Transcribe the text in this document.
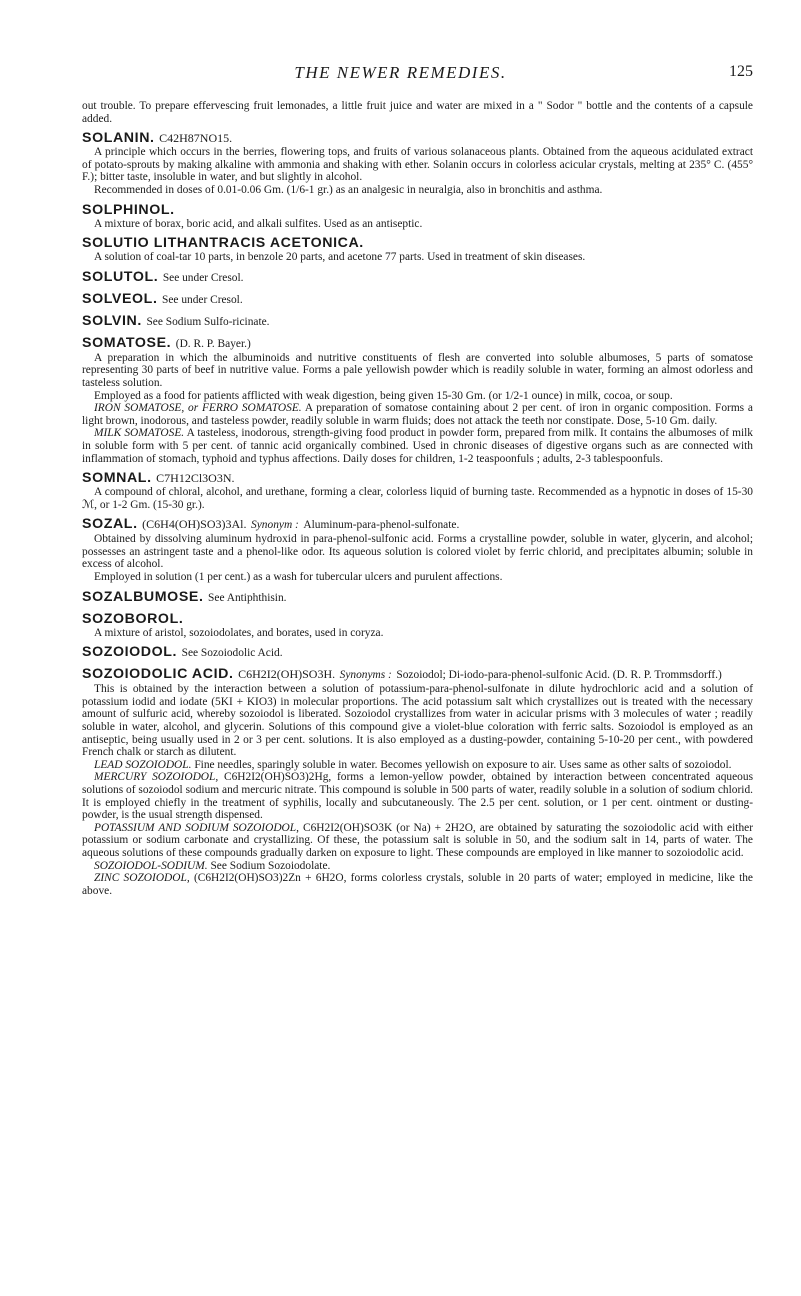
THE NEWER REMEDIES.	125

out trouble. To prepare effervescing fruit lemonades, a little fruit juice and water are mixed in a " Sodor " bottle and the contents of a capsule added.

SOLANIN. C42H87NO15.

A principle which occurs in the berries, flowering tops, and fruits of various solanaceous plants. Obtained from the aqueous acidulated extract of potato-sprouts by making alkaline with ammonia and shaking with ether. Solanin occurs in colorless acicular crystals, melting at 235° C. (455° F.); bitter taste, insoluble in water, and but slightly in alcohol.

Recommended in doses of 0.01-0.06 Gm. (1/6-1 gr.) as an analgesic in neuralgia, also in bronchitis and asthma.

SOLPHINOL.

A mixture of borax, boric acid, and alkali sulfites. Used as an antiseptic.

SOLUTIO LITHANTRACIS ACETONICA.

A solution of coal-tar 10 parts, in benzole 20 parts, and acetone 77 parts. Used in treatment of skin diseases.

SOLUTOL. See under Cresol.
SOLVEOL. See under Cresol.
SOLVIN. See Sodium Sulfo-ricinate.
SOMATOSE. (D. R. P. Bayer.)

A preparation in which the albuminoids and nutritive constituents of flesh are converted into soluble albumoses, 5 parts of somatose representing 30 parts of beef in nutritive value. Forms a pale yellowish powder which is readily soluble in water, forming an almost odorless and tasteless solution.

Employed as a food for patients afflicted with weak digestion, being given 15-30 Gm. (or 1/2-1 ounce) in milk, cocoa, or soup.

IRON SOMATOSE, or FERRO SOMATOSE. A preparation of somatose containing about 2 per cent. of iron in organic composition. Forms a light brown, inodorous, and tasteless powder, readily soluble in warm fluids; does not attack the teeth nor constipate. Dose, 5-10 Gm. daily.

MILK SOMATOSE. A tasteless, inodorous, strength-giving food product in powder form, prepared from milk. It contains the albumoses of milk in soluble form with 5 per cent. of tannic acid organically combined. Used in chronic diseases of digestive organs such as are connected with inflammation of stomach, typhoid and typhus affections. Daily doses for children, 1-2 teaspoonfuls ; adults, 2-3 tablespoonfuls.

SOMNAL. C7H12Cl3O3N.

A compound of chloral, alcohol, and urethane, forming a clear, colorless liquid of burning taste. Recommended as a hypnotic in doses of 15-30 ℳ, or 1-2 Gm. (15-30 gr.).

SOZAL. (C6H4(OH)SO3)3Al. Synonym : Aluminum-para-phenol-sulfonate.

Obtained by dissolving aluminum hydroxid in para-phenol-sulfonic acid. Forms a crystalline powder, soluble in water, glycerin, and alcohol; possesses an astringent taste and a phenol-like odor. Its aqueous solution is colored violet by ferric chlorid, and precipitates albumin; soluble in excess of alcohol.

Employed in solution (1 per cent.) as a wash for tubercular ulcers and purulent affections.

SOZALBUMOSE. See Antiphthisin.
SOZOBOROL.

A mixture of aristol, sozoiodolates, and borates, used in coryza.

SOZOIODOL. See Sozoiodolic Acid.
SOZOIODOLIC ACID. C6H2I2(OH)SO3H. Synonyms : Sozoiodol; Di-iodo-para-phenol-sulfonic Acid. (D. R. P. Trommsdorff.)

This is obtained by the interaction between a solution of potassium-para-phenol-sulfonate in dilute hydrochloric acid and a solution of potassium iodid and iodate (5KI + KIO3) in molecular proportions. The acid potassium salt which crystallizes out is treated with the necessary amount of sulfuric acid, whereby sozoiodol is liberated. Sozoiodol crystallizes from water in acicular prisms with 3 molecules of water ; readily soluble in water, alcohol, and glycerin. Solutions of this compound give a violet-blue coloration with ferric salts. Sozoiodol is employed as an antiseptic, being usually used in 2 or 3 per cent. solutions. It is also employed as a dusting-powder, containing 5-10-20 per cent., with powdered French chalk or starch as dilutent.

LEAD SOZOIODOL. Fine needles, sparingly soluble in water. Becomes yellowish on exposure to air. Uses same as other salts of sozoiodol.

MERCURY SOZOIODOL, C6H2I2(OH)SO3)2Hg, forms a lemon-yellow powder, obtained by interaction between concentrated aqueous solutions of sozoiodol sodium and mercuric nitrate. This compound is soluble in 500 parts of water, readily soluble in a solution of sodium chlorid. It is employed chiefly in the treatment of syphilis, locally and subcutaneously. The 2.5 per cent. solution, or 1 per cent. ointment or dusting-powder, is the usual strength dispensed.

POTASSIUM AND SODIUM SOZOIODOL, C6H2I2(OH)SO3K (or Na) + 2H2O, are obtained by saturating the sozoiodolic acid with either potassium or sodium carbonate and crystallizing. Of these, the potassium salt is soluble in 50, and the sodium salt in 14, parts of water. The aqueous solutions of these compounds gradually darken on exposure to light. These compounds are employed in like manner to sozoiodolic acid.

SOZOIODOL-SODIUM. See Sodium Sozoiodolate.

ZINC SOZOIODOL, (C6H2I2(OH)SO3)2Zn + 6H2O, forms colorless crystals, soluble in 20 parts of water; employed in medicine, like the above.
